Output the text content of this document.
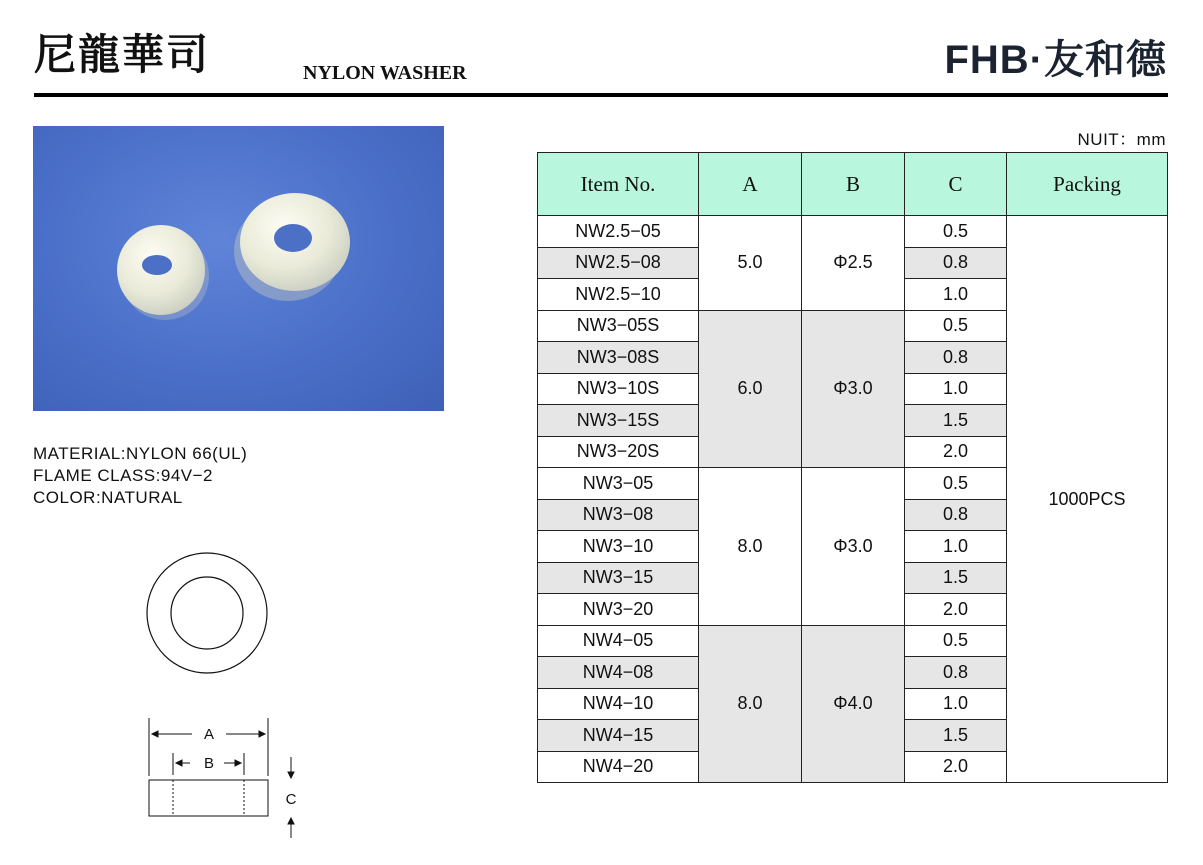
尼龍華司	NYLON WASHER	FHB·友和德
MATERIAL:NYLON 66(UL)
FLAME CLASS:94V−2
COLOR:NATURAL
A
B
C
NUIT：mm
Item No.	A	B	C	Packing
NW2.5−05	5.0	Φ2.5	0.5	1000PCS
NW2.5−08			0.8	
NW2.5−10			1.0	
NW3−05S	6.0	Φ3.0	0.5	
NW3−08S			0.8	
NW3−10S			1.0	
NW3−15S			1.5	
NW3−20S			2.0	
NW3−05	8.0	Φ3.0	0.5	
NW3−08			0.8	
NW3−10			1.0	
NW3−15			1.5	
NW3−20			2.0	
NW4−05	8.0	Φ4.0	0.5	
NW4−08			0.8	
NW4−10			1.0	
NW4−15			1.5	
NW4−20			2.0	
